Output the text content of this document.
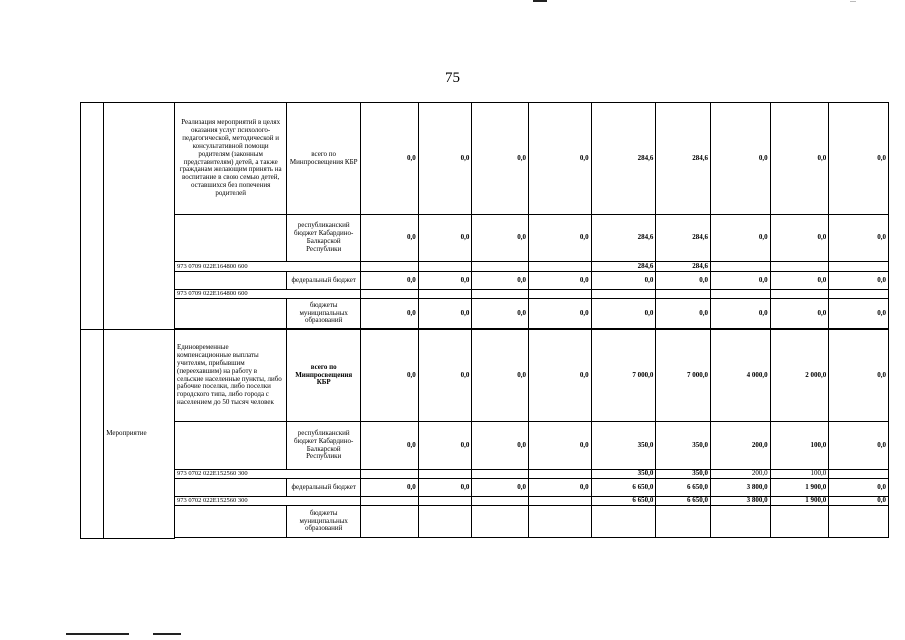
75
		Реализация мероприятий в целях оказания услуг психолого-педагогической, методической и консультативной помощи родителям (законным представителям) детей, а также гражданам желающим принять на воспитание в свою семью детей, оставшихся без попечения родителей	всего по Минпросвещения КБР	0,0	0,0	0,0	0,0	284,6	284,6	0,0	0,0	0,0
			республиканский бюджет Кабардино-Балкарской Республики	0,0	0,0	0,0	0,0	284,6	284,6	0,0	0,0	0,0
		973 0709 022E164800 600						284,6	284,6			
			федеральный бюджет	0,0	0,0	0,0	0,0	0,0	0,0	0,0	0,0	0,0
		973 0709 022E164800 600										
			бюджеты муниципальных образований	0,0	0,0	0,0	0,0	0,0	0,0	0,0	0,0	0,0

	Мероприятие	Единовременные компенсационные выплаты учителям, прибывшим (переехавшим) на работу в сельские населенные пункты, либо рабочие поселки, либо поселки городского типа, либо города с населением до 50 тысяч человек	всего по Минпросвещения КБР	0,0	0,0	0,0	0,0	7 000,0	7 000,0	4 000,0	2 000,0	0,0
			республиканский бюджет Кабардино-Балкарской Республики	0,0	0,0	0,0	0,0	350,0	350,0	200,0	100,0	0,0
		973 0702 022E152560 300						350,0	350,0	200,0	100,0	
			федеральный бюджет	0,0	0,0	0,0	0,0	6 650,0	6 650,0	3 800,0	1 900,0	0,0
		973 0702 022E152560 300						6 650,0	6 650,0	3 800,0	1 900,0	0,0
			бюджеты муниципальных образований									
